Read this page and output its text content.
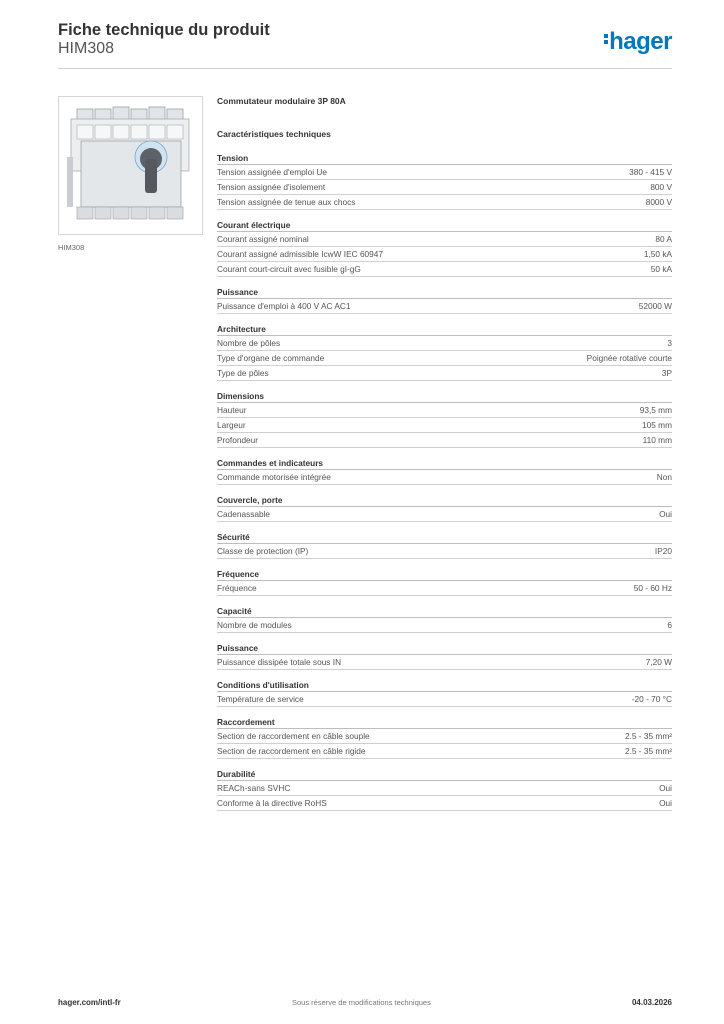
Fiche technique du produit
HIM308	hager
HIM308
Commutateur modulaire 3P 80A
Caractéristiques techniques
Tension
Tension assignée d'emploi Ue	380 - 415 V
Tension assignée d'isolement	800 V
Tension assignée de tenue aux chocs	8000 V
Courant électrique
Courant assigné nominal	80 A
Courant assigné admissible IcwW IEC 60947	1,50 kA
Courant court-circuit avec fusible gI-gG	50 kA
Puissance
Puissance d'emploi à 400 V AC AC1	52000 W
Architecture
Nombre de pôles	3
Type d'organe de commande	Poignée rotative courte
Type de pôles	3P
Dimensions
Hauteur	93,5 mm
Largeur	105 mm
Profondeur	110 mm
Commandes et indicateurs
Commande motorisée intégrée	Non
Couvercle, porte
Cadenassable	Oui
Sécurité
Classe de protection (IP)	IP20
Fréquence
Fréquence	50 - 60 Hz
Capacité
Nombre de modules	6
Puissance
Puissance dissipée totale sous IN	7,20 W
Conditions d'utilisation
Température de service	-20 - 70 °C
Raccordement
Section de raccordement en câble souple	2.5 - 35 mm²
Section de raccordement en câble rigide	2.5 - 35 mm²
Durabilité
REACh-sans SVHC	Oui
Conforme à la directive RoHS	Oui
hager.com/intl-fr	Sous réserve de modifications techniques	04.03.2026
